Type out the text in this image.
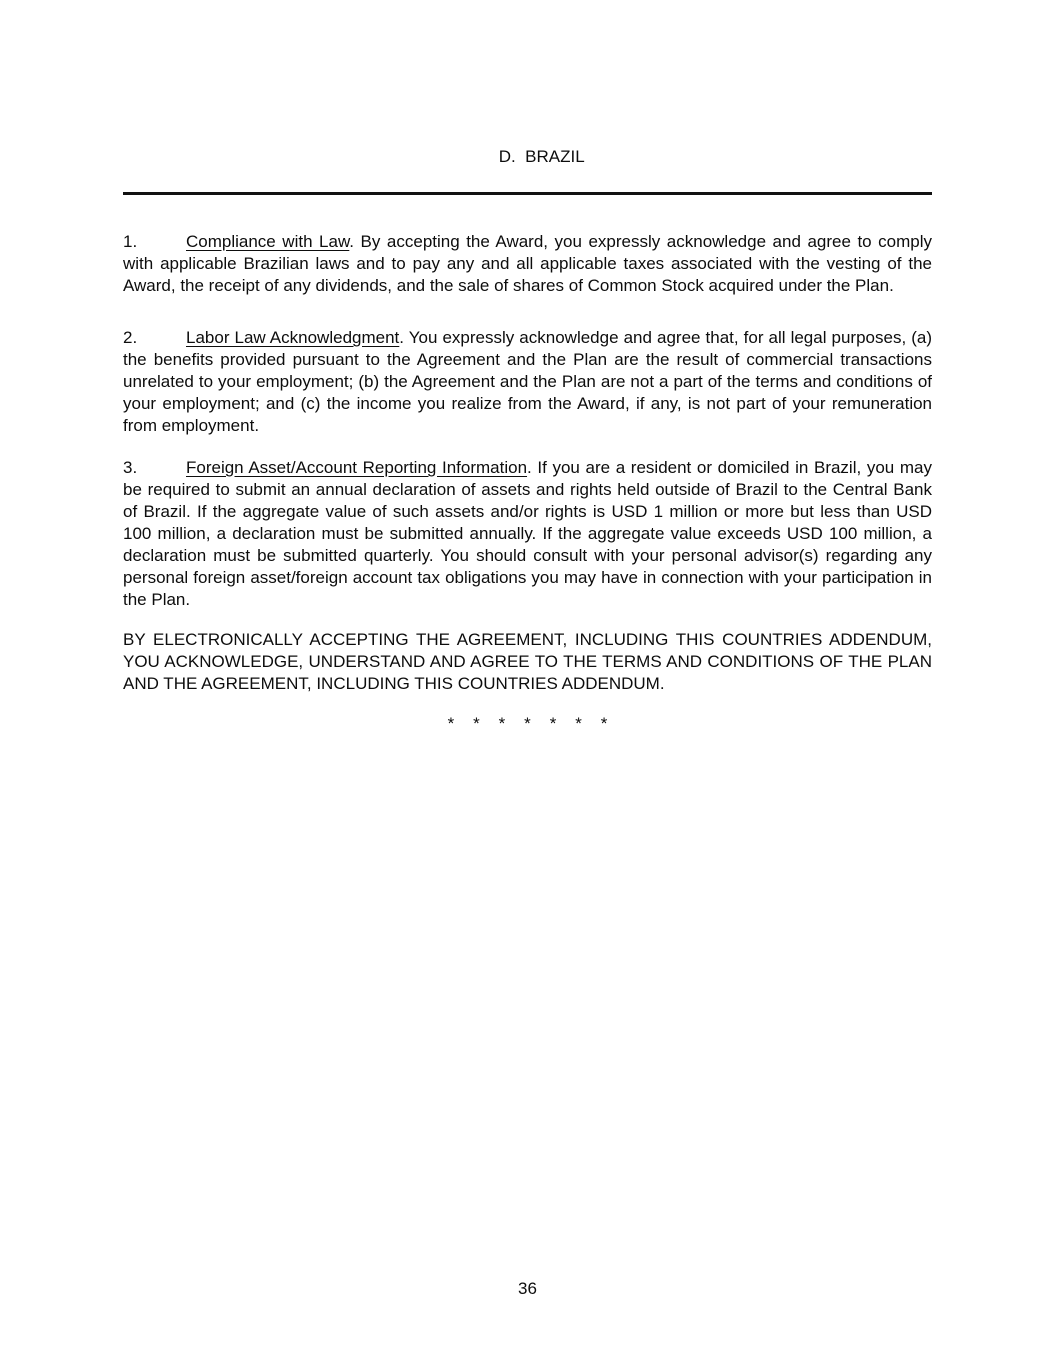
D.  BRAZIL

1.	Compliance with Law. By accepting the Award, you expressly acknowledge and agree to comply with applicable Brazilian laws and to pay any and all applicable taxes associated with the vesting of the Award, the receipt of any dividends, and the sale of shares of Common Stock acquired under the Plan.

2.	Labor Law Acknowledgment. You expressly acknowledge and agree that, for all legal purposes, (a) the benefits provided pursuant to the Agreement and the Plan are the result of commercial transactions unrelated to your employment; (b) the Agreement and the Plan are not a part of the terms and conditions of your employment; and (c) the income you realize from the Award, if any, is not part of your remuneration from employment.

3.	Foreign Asset/Account Reporting Information. If you are a resident or domiciled in Brazil, you may be required to submit an annual declaration of assets and rights held outside of Brazil to the Central Bank of Brazil. If the aggregate value of such assets and/or rights is USD 1 million or more but less than USD 100 million, a declaration must be submitted annually. If the aggregate value exceeds USD 100 million, a declaration must be submitted quarterly. You should consult with your personal advisor(s) regarding any personal foreign asset/foreign account tax obligations you may have in connection with your participation in the Plan.

BY ELECTRONICALLY ACCEPTING THE AGREEMENT, INCLUDING THIS COUNTRIES ADDENDUM, YOU ACKNOWLEDGE, UNDERSTAND AND AGREE TO THE TERMS AND CONDITIONS OF THE PLAN AND THE AGREEMENT, INCLUDING THIS COUNTRIES ADDENDUM.

*    *    *    *    *    *    *
36
